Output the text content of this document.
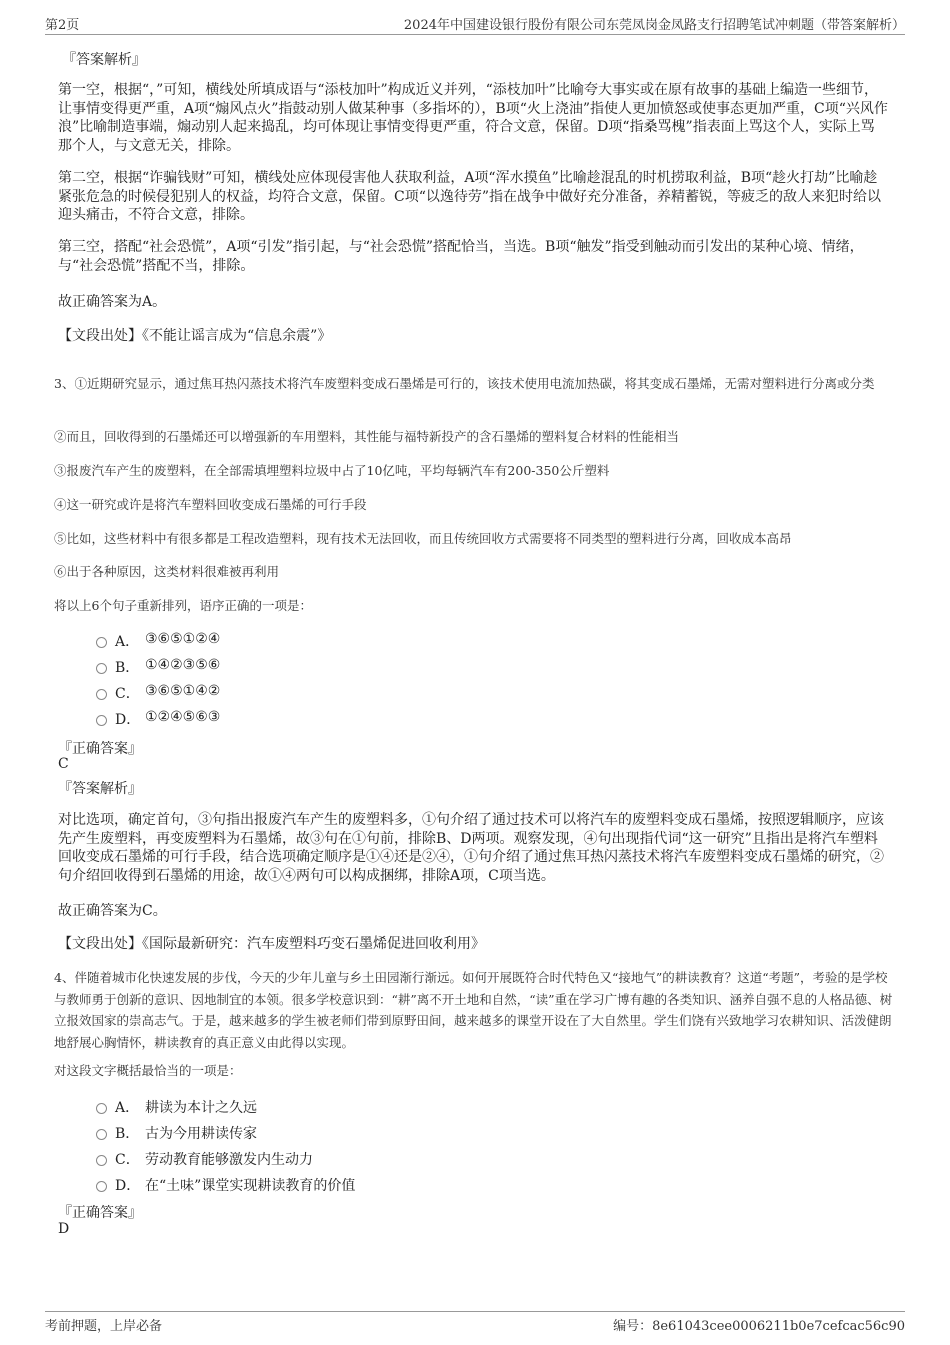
第2页	2024年中国建设银行股份有限公司东莞凤岗金凤路支行招聘笔试冲刺题（带答案解析）
『答案解析』

第一空，根据“，”可知，横线处所填成语与“添枝加叶”构成近义并列，“添枝加叶”比喻夸大事实或在原有故事的基础上编造一些细节，让事情变得更严重，A项“煽风点火”指鼓动别人做某种事（多指坏的），B项“火上浇油”指使人更加愤怒或使事态更加严重，C项“兴风作浪”比喻制造事端，煽动别人起来捣乱，均可体现让事情变得更严重，符合文意，保留。D项“指桑骂槐”指表面上骂这个人，实际上骂那个人，与文意无关，排除。

第二空，根据“诈骗钱财”可知，横线处应体现侵害他人获取利益，A项“浑水摸鱼”比喻趁混乱的时机捞取利益，B项“趁火打劫”比喻趁紧张危急的时候侵犯别人的权益，均符合文意，保留。C项“以逸待劳”指在战争中做好充分准备，养精蓄锐，等疲乏的敌人来犯时给以迎头痛击，不符合文意，排除。

第三空，搭配“社会恐慌”，A项“引发”指引起，与“社会恐慌”搭配恰当，当选。B项“触发”指受到触动而引发出的某种心境、情绪，与“社会恐慌”搭配不当，排除。

故正确答案为A。
【文段出处】《不能让谣言成为“信息余震”》

3、①近期研究显示，通过焦耳热闪蒸技术将汽车废塑料变成石墨烯是可行的，该技术使用电流加热碳，将其变成石墨烯，无需对塑料进行分离或分类

②而且，回收得到的石墨烯还可以增强新的车用塑料，其性能与福特新投产的含石墨烯的塑料复合材料的性能相当

③报废汽车产生的废塑料，在全部需填埋塑料垃圾中占了10亿吨，平均每辆汽车有200-350公斤塑料

④这一研究或许是将汽车塑料回收变成石墨烯的可行手段

⑤比如，这些材料中有很多都是工程改造塑料，现有技术无法回收，而且传统回收方式需要将不同类型的塑料进行分离，回收成本高昂

⑥出于各种原因，这类材料很难被再利用

将以上6个句子重新排列，语序正确的一项是：

A． ③⑥⑤①②④
B． ①④②③⑤⑥
C． ③⑥⑤①④②
D． ①②④⑤⑥③
『正确答案』
C
『答案解析』

对比选项，确定首句，③句指出报废汽车产生的废塑料多，①句介绍了通过技术可以将汽车的废塑料变成石墨烯，按照逻辑顺序，应该先产生废塑料，再变废塑料为石墨烯，故③句在①句前，排除B、D两项。观察发现，④句出现指代词“这一研究”且指出是将汽车塑料回收变成石墨烯的可行手段，结合选项确定顺序是①④还是②④，①句介绍了通过焦耳热闪蒸技术将汽车废塑料变成石墨烯的研究，②句介绍回收得到石墨烯的用途，故①④两句可以构成捆绑，排除A项，C项当选。

故正确答案为C。
【文段出处】《国际最新研究：汽车废塑料巧变石墨烯促进回收利用》

4、伴随着城市化快速发展的步伐，今天的少年儿童与乡土田园渐行渐远。如何开展既符合时代特色又“接地气”的耕读教育？这道“考题”，考验的是学校与教师勇于创新的意识、因地制宜的本领。很多学校意识到：“耕”离不开土地和自然，“读”重在学习广博有趣的各类知识、涵养自强不息的人格品德、树立报效国家的崇高志气。于是，越来越多的学生被老师们带到原野田间，越来越多的课堂开设在了大自然里。学生们饶有兴致地学习农耕知识、活泼健朗地舒展心胸情怀，耕读教育的真正意义由此得以实现。

对这段文字概括最恰当的一项是：

A． 耕读为本计之久远
B． 古为今用耕读传家
C． 劳动教育能够激发内生动力
D． 在“土味”课堂实现耕读教育的价值
『正确答案』
D
考前押题，上岸必备	编号：8e61043cee0006211b0e7cefcac56c90
